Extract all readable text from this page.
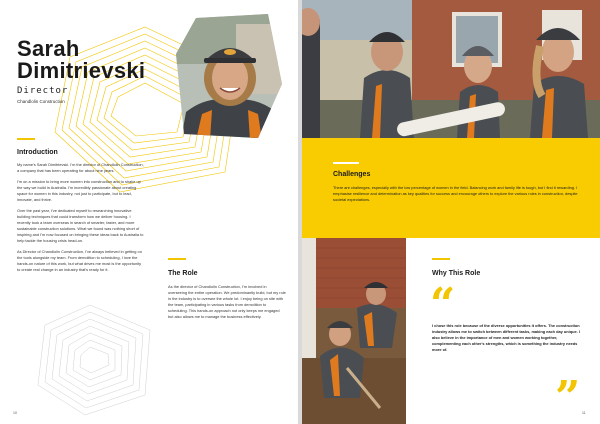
Sarah
Dimitrievski
Director
Chandlolin Construction
Introduction

My name's Sarah Dimitrievski. I'm the director of Chandlolin Construction, a company that has been operating for about nine years.

I'm on a mission to bring more women into construction and to shake up the way we build in Australia. I'm incredibly passionate about creating space for women in this industry, not just to participate, but to lead, innovate, and thrive.

Over the past year, I've dedicated myself to researching innovative building techniques that could transform how we deliver housing. I recently took a team overseas in search of smarter, faster, and more sustainable construction solutions. What we found was nothing short of inspiring and I'm now focused on bringing these ideas back to Australia to help tackle the housing crisis head-on.

As Director of Chandlolin Construction, I've always believed in getting on the tools alongside my team. From demolition to scheduling, I love the hands-on nature of this work, but what drives me most is the opportunity to create real change in an industry that's ready for it.

The Role

As the director of Chandlolin Construction, I'm involved in overseeing the entire operation. We predominantly build, but my role in the industry is to oversee the whole lot. I enjoy being on site with the team, participating in various tasks from demolition to scheduling. This hands-on approach not only keeps me engaged but also allows me to manage the business effectively.

10
Challenges

There are challenges, especially with the low percentage of women in the field. Balancing work and family life is tough, but I find it rewarding. I emphasise resilience and determination as key qualities for success and encourage others to explore the various roles in construction, despite societal expectations.

Why This Role
“

I chose this role because of the diverse opportunities it offers. The construction industry allows me to switch between different tasks, making each day unique. I also believe in the importance of men and women working together, complementing each other's strengths, which is something the industry needs more of.

” 11
